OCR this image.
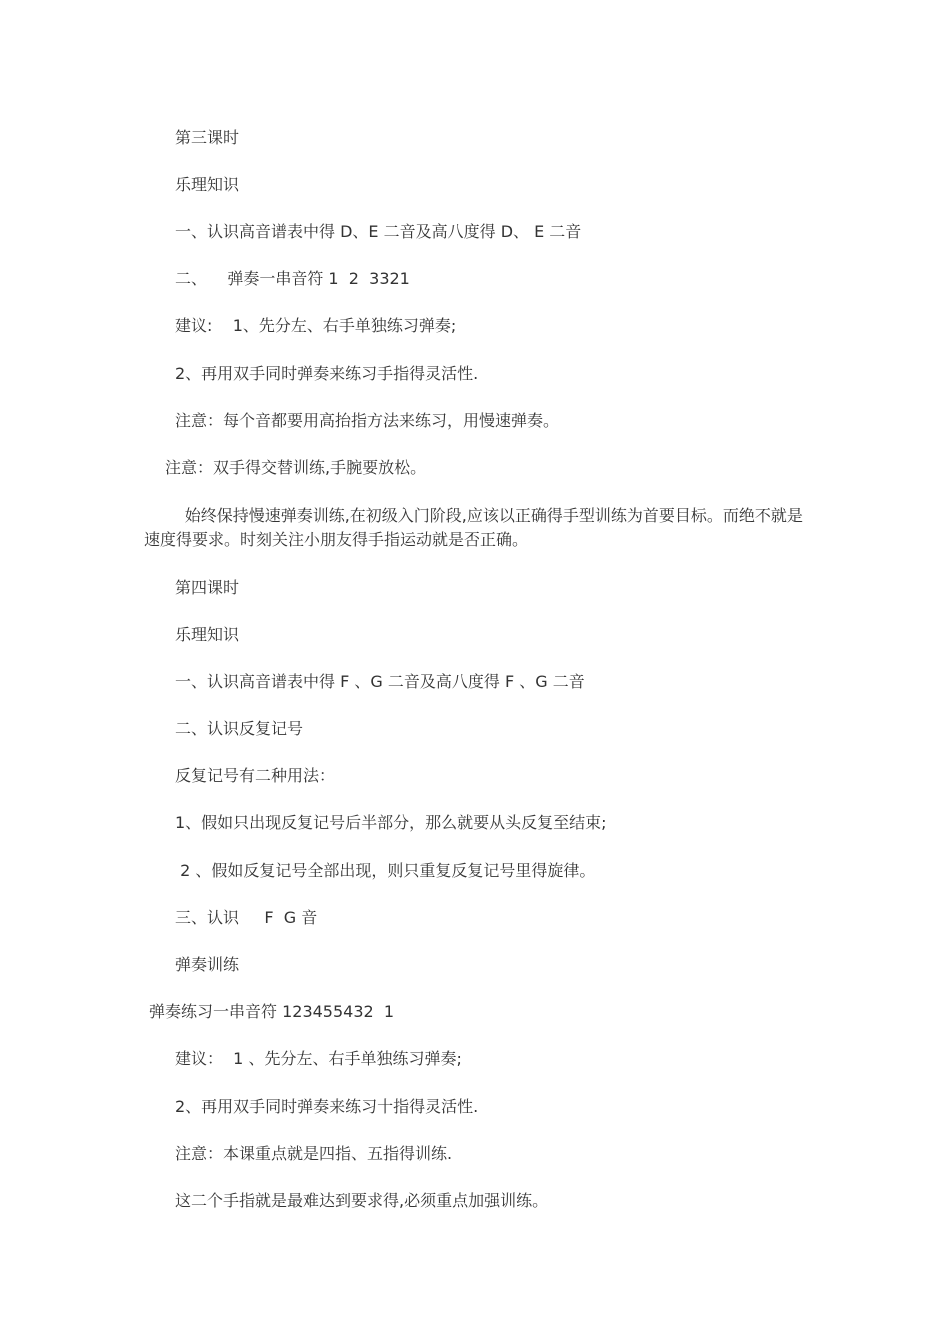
第三课时
乐理知识
一、认识高音谱表中得 D、E 二音及高八度得 D、 E 二音
二、    弹奏一串音符 1  2  3321
建议:    1、先分左、右手单独练习弹奏;
2、再用双手同时弹奏来练习手指得灵活性.
注意：每个音都要用高抬指方法来练习，用慢速弹奏。
注意：双手得交替训练,手腕要放松。
始终保持慢速弹奏训练,在初级入门阶段,应该以正确得手型训练为首要目标。而绝不就是速度得要求。时刻关注小朋友得手指运动就是否正确。
第四课时
乐理知识
一、认识高音谱表中得 F 、G 二音及高八度得 F 、G 二音
二、认识反复记号
反复记号有二种用法：
1、假如只出现反复记号后半部分，那么就要从头反复至结束;
2 、假如反复记号全部出现，则只重复反复记号里得旋律。
三、认识     F  G 音
弹奏训练
弹奏练习一串音符 123455432  1
建议：  1 、先分左、右手单独练习弹奏;
2、再用双手同时弹奏来练习十指得灵活性.
注意：本课重点就是四指、五指得训练.
这二个手指就是最难达到要求得,必须重点加强训练。
